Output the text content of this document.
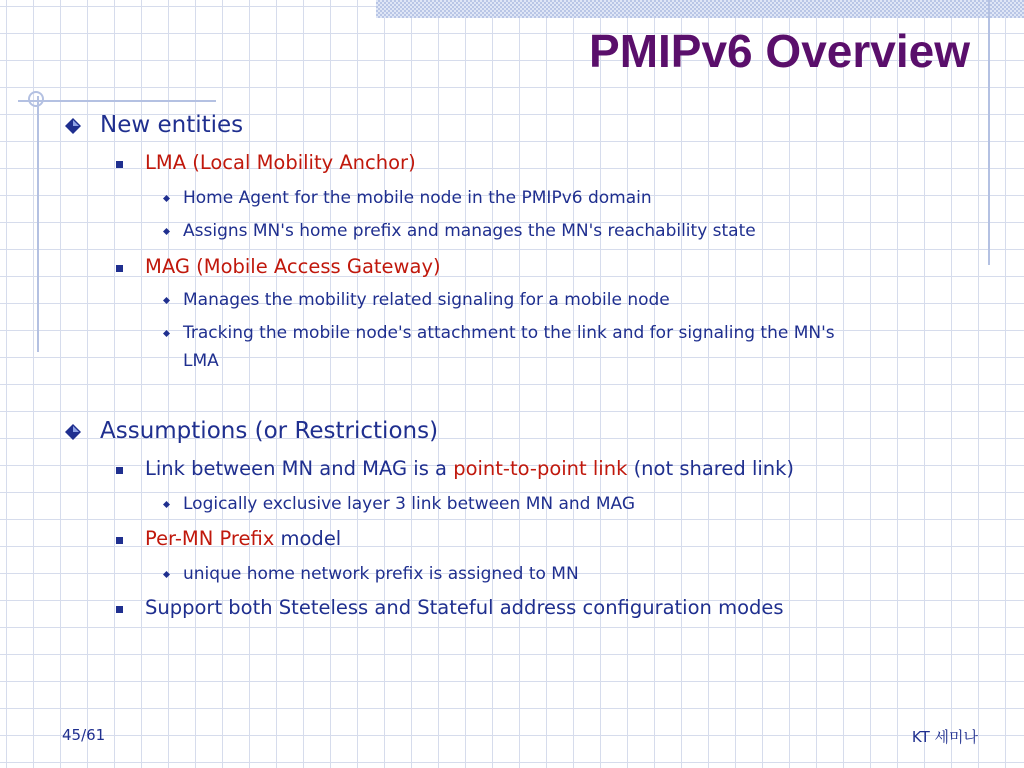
PMIPv6 Overview
New entities
LMA (Local Mobility Anchor)
Home Agent for the mobile node in the PMIPv6 domain
Assigns MN's home prefix and manages the MN's reachability state
MAG (Mobile Access Gateway)
Manages the mobility related signaling for a mobile node
Tracking the mobile node's attachment to the link and for signaling the MN's
LMA
Assumptions (or Restrictions)
Link between MN and MAG is a point-to-point link (not shared link)
Logically exclusive layer 3 link between MN and MAG
Per-MN Prefix model
unique home network prefix is assigned to MN
Support both Steteless and Stateful address configuration modes
45/61	KT 세미나
